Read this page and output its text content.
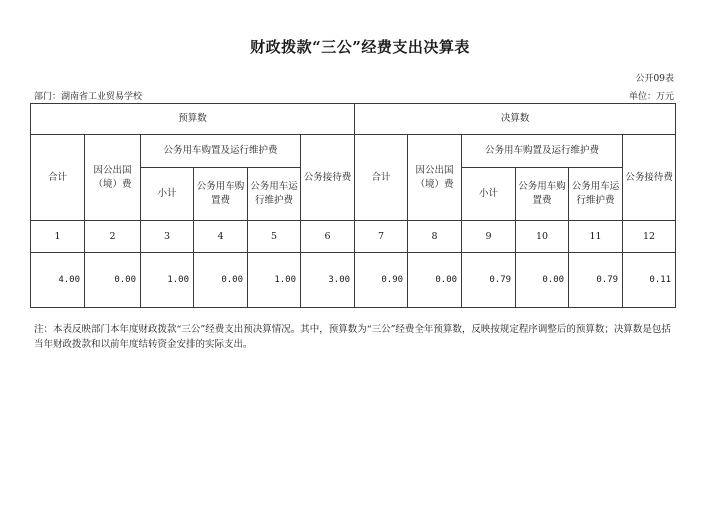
财政拨款“三公”经费支出决算表
公开09表
部门：湖南省工业贸易学校	单位：万元
预算数						决算数					
合计	因公出国（境）费	公务用车购置及运行维护费			公务接待费	合计	因公出国（境）费	公务用车购置及运行维护费			公务接待费
		小计	公务用车购置费	公务用车运行维护费				小计	公务用车购置费	公务用车运行维护费	
1	2	3	4	5	6	7	8	9	10	11	12
4.00	0.00	1.00	0.00	1.00	3.00	0.90	0.00	0.79	0.00	0.79	0.11
注：本表反映部门本年度财政拨款“三公”经费支出预决算情况。其中，预算数为“三公”经费全年预算数，反映按规定程序调整后的预算数；决算数是包括当年财政拨款和以前年度结转资金安排的实际支出。
